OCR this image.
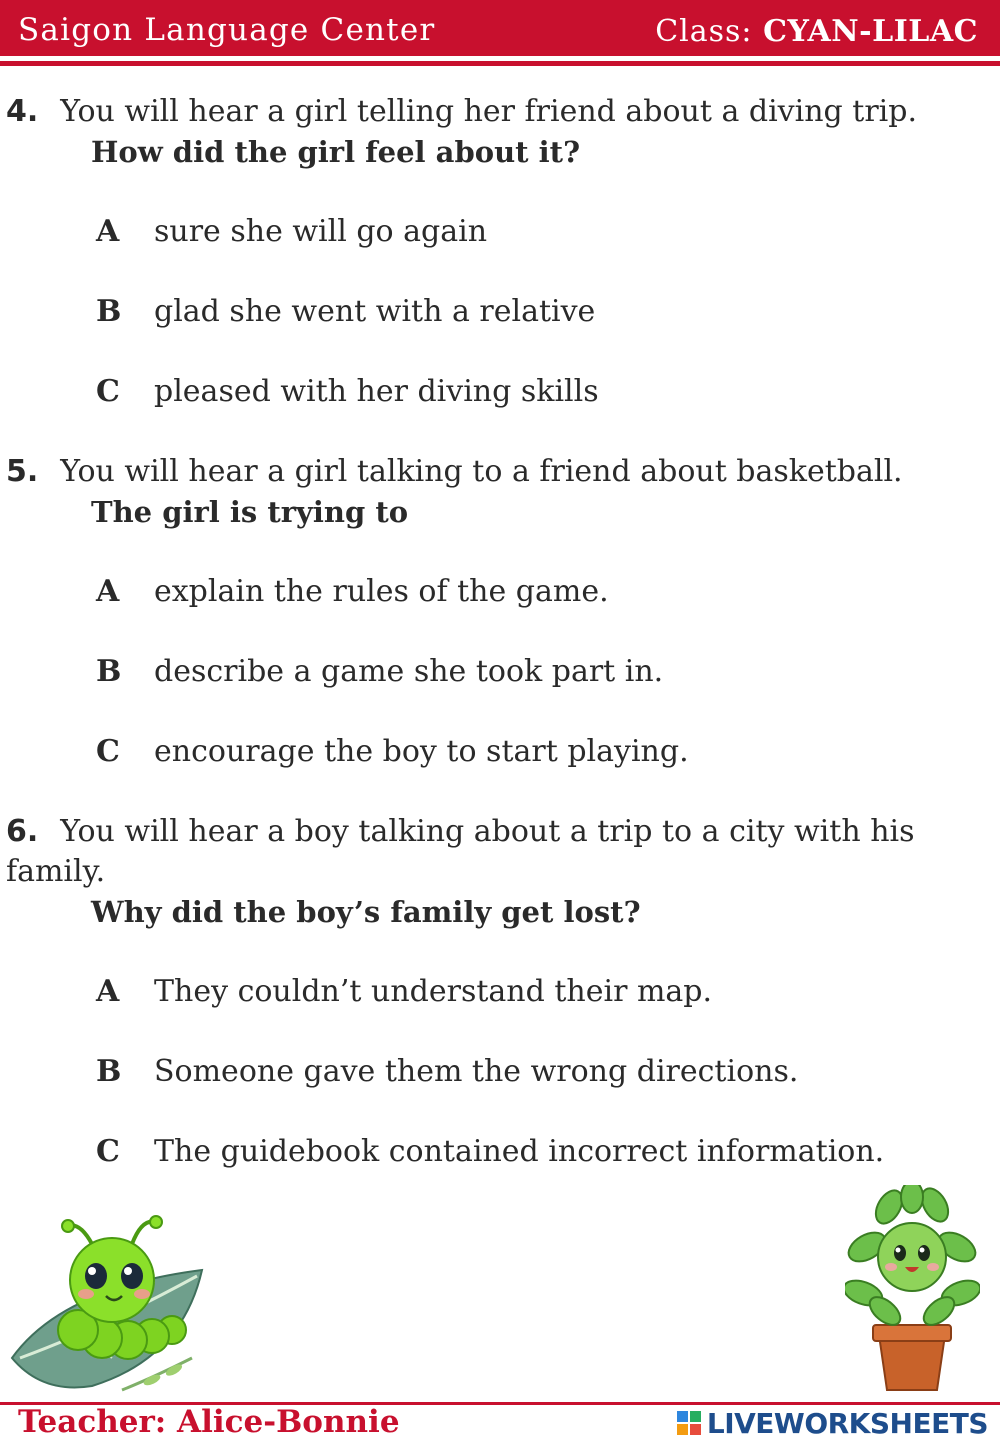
Saigon Language Center	Class: CYAN-LILAC
4. You will hear a girl telling her friend about a diving trip.
How did the girl feel about it?
A sure she will go again
B glad she went with a relative
C pleased with her diving skills
5. You will hear a girl talking to a friend about basketball.
The girl is trying to
A explain the rules of the game.
B describe a game she took part in.
C encourage the boy to start playing.
6. You will hear a boy talking about a trip to a city with his family.
Why did the boy’s family get lost?
A They couldn’t understand their map.
B Someone gave them the wrong directions.
C The guidebook contained incorrect information.
Teacher: Alice-Bonnie	LIVEWORKSHEETS
